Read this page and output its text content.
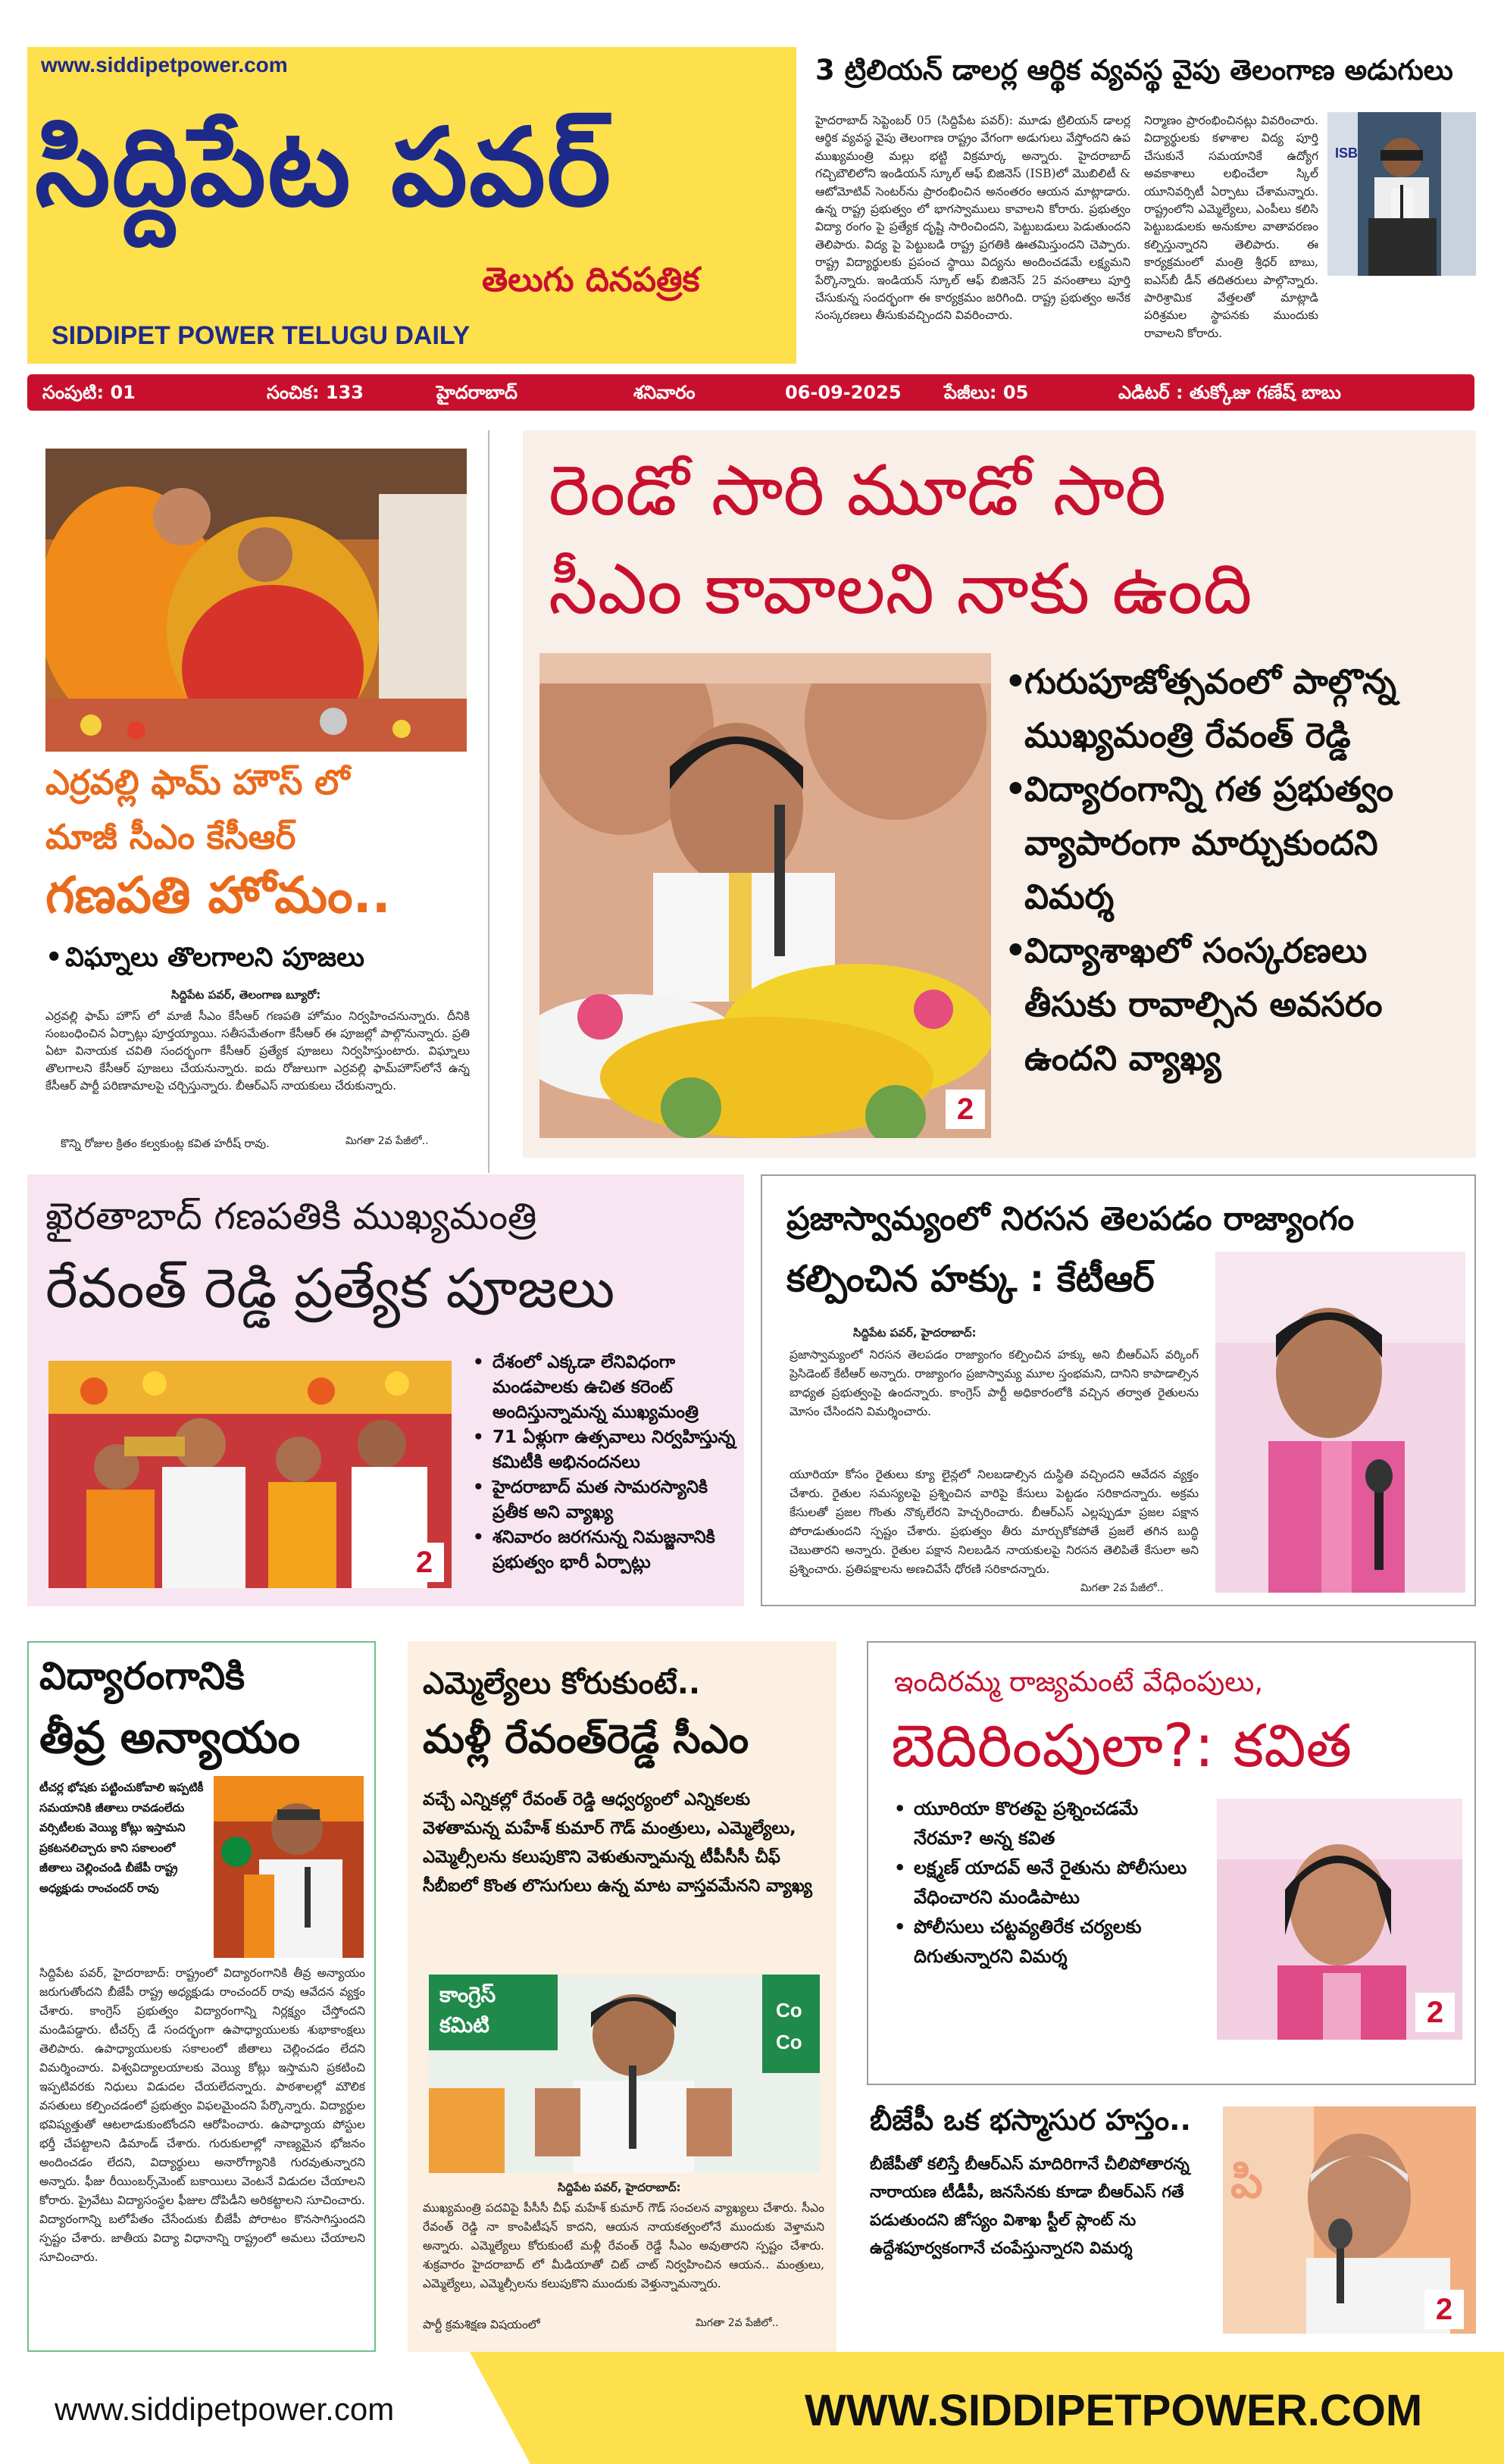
www.siddipetpower.com
సిద్దిపేట పవర్
తెలుగు దినపత్రిక
SIDDIPET POWER TELUGU DAILY
3 ట్రిలియన్ డాలర్ల ఆర్థిక వ్యవస్థ వైపు తెలంగాణ అడుగులు
హైదరాబాద్ సెప్టెంబర్ 05 (సిద్దిపేట పవర్): మూడు ట్రిలియన్ డాలర్ల ఆర్థిక వ్యవస్థ వైపు తెలంగాణ రాష్ట్రం వేగంగా అడుగులు వేస్తోందని ఉప ముఖ్యమంత్రి మల్లు భట్టి విక్రమార్క అన్నారు. హైదరాబాద్ గచ్చిబౌలిలోని ఇండియన్ స్కూల్ ఆఫ్ బిజినెస్ (ISB)లో మొబిలిటీ & ఆటోమోటివ్ సెంటర్‌ను ప్రారంభించిన అనంతరం ఆయన మాట్లాడారు. ఉన్న రాష్ట్ర ప్రభుత్వం లో భాగస్వాములు కావాలని కోరారు. ప్రభుత్వం విద్యా రంగం పై ప్రత్యేక దృష్టి సారించిందని, పెట్టుబడులు పెడుతుందని తెలిపారు. విద్య పై పెట్టుబడి రాష్ట్ర ప్రగతికి ఊతమిస్తుందని చెప్పారు. రాష్ట్ర విద్యార్థులకు ప్రపంచ స్థాయి విద్యను అందించడమే లక్ష్యమని పేర్కొన్నారు. ఇండియన్ స్కూల్ ఆఫ్ బిజినెస్ 25 వసంతాలు పూర్తి చేసుకున్న సందర్భంగా ఈ కార్యక్రమం జరిగింది. రాష్ట్ర ప్రభుత్వం అనేక సంస్కరణలు తీసుకువచ్చిందని వివరించారు.
నిర్మాణం ప్రారంభించినట్లు వివరించారు. విద్యార్థులకు కళాశాల విద్య పూర్తి చేసుకునే సమయానికే ఉద్యోగ అవకాశాలు లభించేలా స్కిల్ యూనివర్సిటీ ఏర్పాటు చేశామన్నారు. రాష్ట్రంలోని ఎమ్మెల్యేలు, ఎంపీలు కలిసి పెట్టుబడులకు అనుకూల వాతావరణం కల్పిస్తున్నారని తెలిపారు. ఈ కార్యక్రమంలో మంత్రి శ్రీధర్ బాబు, ఐఎస్‌బీ డీన్ తదితరులు పాల్గొన్నారు. పారిశ్రామిక వేత్తలతో మాట్లాడి పరిశ్రమల స్థాపనకు ముందుకు రావాలని కోరారు.
ISB
సంపుటి: 01	సంచిక: 133	హైదరాబాద్	శనివారం	06-09-2025 పేజీలు: 05	ఎడిటర్ : తుక్కోజు గణేష్ బాబు
ఎర్రవల్లి ఫామ్ హౌస్ లో
మాజీ సీఎం కేసీఆర్
గణపతి హోమం..
• విఘ్నాలు తొలగాలని పూజలు
సిద్దిపేట పవర్, తెలంగాణ బ్యూరో:
ఎర్రవల్లి ఫామ్ హౌస్ లో మాజీ సీఎం కేసీఆర్ గణపతి హోమం నిర్వహించనున్నారు. దీనికి సంబంధించిన ఏర్పాట్లు పూర్తయ్యాయి. సతీసమేతంగా కేసీఆర్ ఈ పూజల్లో పాల్గొనున్నారు. ప్రతి ఏటా వినాయక చవితి సందర్భంగా కేసీఆర్ ప్రత్యేక పూజలు నిర్వహిస్తుంటారు. విఘ్నాలు తొలగాలని కేసీఆర్ పూజలు చేయనున్నారు. ఐదు రోజులుగా ఎర్రవల్లి ఫామ్‌హౌస్‌లోనే ఉన్న కేసీఆర్ పార్టీ పరిణామాలపై చర్చిస్తున్నారు. బీఆర్ఎస్ నాయకులు చేరుకున్నారు.
కొన్ని రోజుల క్రితం కల్వకుంట్ల కవిత హరీష్ రావు.	మిగతా 2వ పేజీలో..
రెండో సారి మూడో సారి
సీఎం కావాలని నాకు ఉంది
2
• గురుపూజోత్సవంలో పాల్గొన్న ముఖ్యమంత్రి రేవంత్ రెడ్డి
• విద్యారంగాన్ని గత ప్రభుత్వం వ్యాపారంగా మార్చుకుందని విమర్శ
• విద్యాశాఖలో సంస్కరణలు తీసుకు రావాల్సిన అవసరం ఉందని వ్యాఖ్య
ఖైరతాబాద్ గణపతికి ముఖ్యమంత్రి
రేవంత్ రెడ్డి ప్రత్యేక పూజలు
2
• దేశంలో ఎక్కడా లేనివిధంగా మండపాలకు ఉచిత కరెంట్ అందిస్తున్నామన్న ముఖ్యమంత్రి
• 71 ఏళ్లుగా ఉత్సవాలు నిర్వహిస్తున్న కమిటీకి అభినందనలు
• హైదరాబాద్ మత సామరస్యానికి ప్రతీక అని వ్యాఖ్య
• శనివారం జరగనున్న నిమజ్జనానికి ప్రభుత్వం భారీ ఏర్పాట్లు
ప్రజాస్వామ్యంలో నిరసన తెలపడం రాజ్యాంగం
కల్పించిన హక్కు : కేటీఆర్
సిద్దిపేట పవర్, హైదరాబాద్:
ప్రజాస్వామ్యంలో నిరసన తెలపడం రాజ్యాంగం కల్పించిన హక్కు అని బీఆర్ఎస్ వర్కింగ్ ప్రెసిడెంట్ కేటీఆర్ అన్నారు. రాజ్యాంగం ప్రజాస్వామ్య మూల స్తంభమని, దానిని కాపాడాల్సిన బాధ్యత ప్రభుత్వంపై ఉందన్నారు. కాంగ్రెస్ పార్టీ అధికారంలోకి వచ్చిన తర్వాత రైతులను మోసం చేసిందని విమర్శించారు.
యూరియా కోసం రైతులు క్యూ లైన్లలో నిలబడాల్సిన దుస్థితి వచ్చిందని ఆవేదన వ్యక్తం చేశారు. రైతుల సమస్యలపై ప్రశ్నించిన వారిపై కేసులు పెట్టడం సరికాదన్నారు. అక్రమ కేసులతో ప్రజల గొంతు నొక్కలేరని హెచ్చరించారు. బీఆర్ఎస్ ఎల్లప్పుడూ ప్రజల పక్షాన పోరాడుతుందని స్పష్టం చేశారు. ప్రభుత్వం తీరు మార్చుకోకపోతే ప్రజలే తగిన బుద్ధి చెబుతారని అన్నారు. రైతుల పక్షాన నిలబడిన నాయకులపై నిరసన తెలిపితే కేసులా అని ప్రశ్నించారు. ప్రతిపక్షాలను అణచివేసే ధోరణి సరికాదన్నారు.
మిగతా 2వ పేజీలో..
విద్యారంగానికి
తీవ్ర అన్యాయం
టీచర్ల భోషకు పట్టించుకోవాలి ఇప్పటికీ సమయానికి జీతాలు రావడంలేదు వర్సిటీలకు వెయ్యి కోట్లు ఇస్తామని ప్రకటనలిచ్చారు కాని సకాలంలో జీతాలు చెల్లించండి బీజేపీ రాష్ట్ర అధ్యక్షుడు రాంచందర్ రావు
సిద్దిపేట పవర్, హైదరాబాద్: రాష్ట్రంలో విద్యారంగానికి తీవ్ర అన్యాయం జరుగుతోందని బీజేపీ రాష్ట్ర అధ్యక్షుడు రాంచందర్ రావు ఆవేదన వ్యక్తం చేశారు. కాంగ్రెస్ ప్రభుత్వం విద్యారంగాన్ని నిర్లక్ష్యం చేస్తోందని మండిపడ్డారు. టీచర్స్ డే సందర్భంగా ఉపాధ్యాయులకు శుభాకాంక్షలు తెలిపారు. ఉపాధ్యాయులకు సకాలంలో జీతాలు చెల్లించడం లేదని విమర్శించారు. విశ్వవిద్యాలయాలకు వెయ్యి కోట్లు ఇస్తామని ప్రకటించి ఇప్పటివరకు నిధులు విడుదల చేయలేదన్నారు. పాఠశాలల్లో మౌలిక వసతులు కల్పించడంలో ప్రభుత్వం విఫలమైందని పేర్కొన్నారు. విద్యార్థుల భవిష్యత్తుతో ఆటలాడుకుంటోందని ఆరోపించారు. ఉపాధ్యాయ పోస్టుల భర్తీ చేపట్టాలని డిమాండ్ చేశారు. గురుకులాల్లో నాణ్యమైన భోజనం అందించడం లేదని, విద్యార్థులు అనారోగ్యానికి గురవుతున్నారని అన్నారు. ఫీజు రీయింబర్స్‌మెంట్ బకాయిలు వెంటనే విడుదల చేయాలని కోరారు. ప్రైవేటు విద్యాసంస్థల ఫీజుల దోపిడీని అరికట్టాలని సూచించారు. విద్యారంగాన్ని బలోపేతం చేసేందుకు బీజేపీ పోరాటం కొనసాగిస్తుందని స్పష్టం చేశారు. జాతీయ విద్యా విధానాన్ని రాష్ట్రంలో అమలు చేయాలని సూచించారు.
ఎమ్మెల్యేలు కోరుకుంటే..
మళ్లీ రేవంత్‌రెడ్డే సీఎం
వచ్చే ఎన్నికల్లో రేవంత్ రెడ్డి ఆధ్వర్యంలో ఎన్నికలకు వెళతామన్న మహేశ్ కుమార్ గౌడ్ మంత్రులు, ఎమ్మెల్యేలు, ఎమ్మెల్సీలను కలుపుకొని వెళుతున్నామన్న టీపీసీసీ చీఫ్ సీబీఐలో కొంత లొసుగులు ఉన్న మాట వాస్తవమేనని వ్యాఖ్య
Co
Co
కాంగ్రెస్
కమిటి
సిద్దిపేట పవర్, హైదరాబాద్:
ముఖ్యమంత్రి పదవిపై పీసీసీ చీఫ్ మహేశ్ కుమార్ గౌడ్ సంచలన వ్యాఖ్యలు చేశారు. సీఎం రేవంత్ రెడ్డి నా కాంపిటీషన్ కాదని, ఆయన నాయకత్వంలోనే ముందుకు వెళ్తామని అన్నారు. ఎమ్మెల్యేలు కోరుకుంటే మళ్లీ రేవంత్ రెడ్డే సీఎం అవుతారని స్పష్టం చేశారు. శుక్రవారం హైదరాబాద్ లో మీడియాతో చిట్ చాట్ నిర్వహించిన ఆయన.. మంత్రులు, ఎమ్మెల్యేలు, ఎమ్మెల్సీలను కలుపుకొని ముందుకు వెళ్తున్నామన్నారు.
పార్టీ క్రమశిక్షణ విషయంలో	మిగతా 2వ పేజీలో..
ఇందిరమ్మ రాజ్యమంటే వేధింపులు,
బెదిరింపులా?: కవిత
• యూరియా కొరతపై ప్రశ్నించడమే నేరమా? అన్న కవిత
• లక్ష్మణ్ యాదవ్ అనే రైతును పోలీసులు వేధించారని మండిపాటు
• పోలీసులు చట్టవ్యతిరేక చర్యలకు దిగుతున్నారని విమర్శ
2
బీజేపీ ఒక భస్మాసుర హస్తం..
బీజేపీతో కలిస్తే బీఆర్ఎస్ మాదిరిగానే చీలిపోతారన్న నారాయణ టీడీపీ, జనసేనకు కూడా బీఆర్ఎస్ గతే పడుతుందని జోస్యం విశాఖ స్టీల్ ప్లాంట్ ను ఉద్దేశపూర్వకంగానే చంపేస్తున్నారని విమర్శ
పి
2
www.siddipetpower.com	WWW.SIDDIPETPOWER.COM
